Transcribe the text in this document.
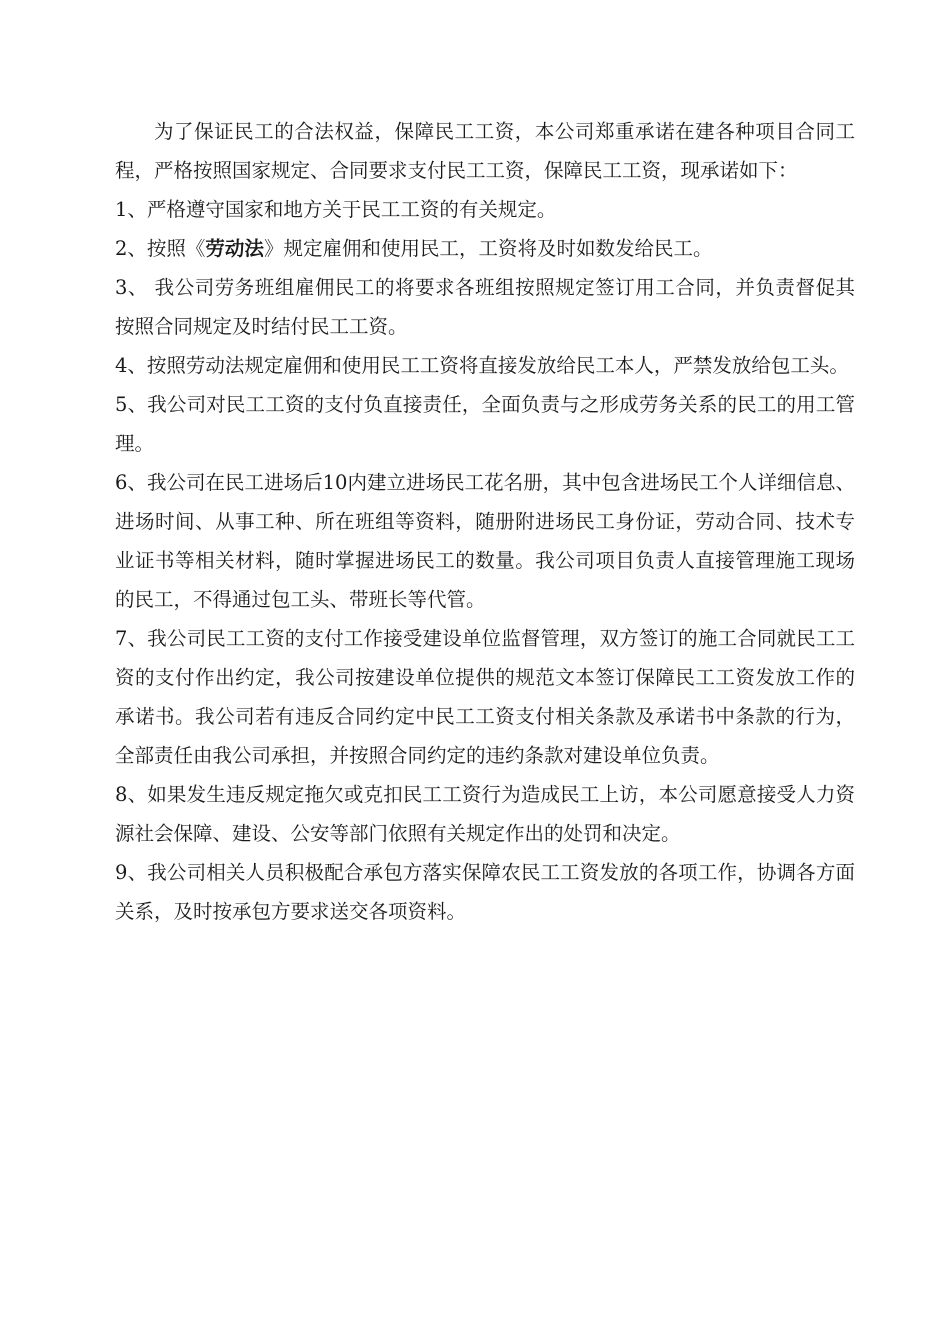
为了保证民工的合法权益，保障民工工资，本公司郑重承诺在建各种项目合同工程，严格按照国家规定、合同要求支付民工工资，保障民工工资，现承诺如下：

1、严格遵守国家和地方关于民工工资的有关规定。

2、按照《劳动法》规定雇佣和使用民工，工资将及时如数发给民工。

3、 我公司劳务班组雇佣民工的将要求各班组按照规定签订用工合同，并负责督促其按照合同规定及时结付民工工资。

4、按照劳动法规定雇佣和使用民工工资将直接发放给民工本人，严禁发放给包工头。

5、我公司对民工工资的支付负直接责任，全面负责与之形成劳务关系的民工的用工管理。

6、我公司在民工进场后10内建立进场民工花名册，其中包含进场民工个人详细信息、进场时间、从事工种、所在班组等资料，随册附进场民工身份证，劳动合同、技术专业证书等相关材料，随时掌握进场民工的数量。我公司项目负责人直接管理施工现场的民工，不得通过包工头、带班长等代管。

7、我公司民工工资的支付工作接受建设单位监督管理，双方签订的施工合同就民工工资的支付作出约定，我公司按建设单位提供的规范文本签订保障民工工资发放工作的承诺书。我公司若有违反合同约定中民工工资支付相关条款及承诺书中条款的行为，全部责任由我公司承担，并按照合同约定的违约条款对建设单位负责。

8、如果发生违反规定拖欠或克扣民工工资行为造成民工上访，本公司愿意接受人力资源社会保障、建设、公安等部门依照有关规定作出的处罚和决定。

9、我公司相关人员积极配合承包方落实保障农民工工资发放的各项工作，协调各方面关系，及时按承包方要求送交各项资料。
